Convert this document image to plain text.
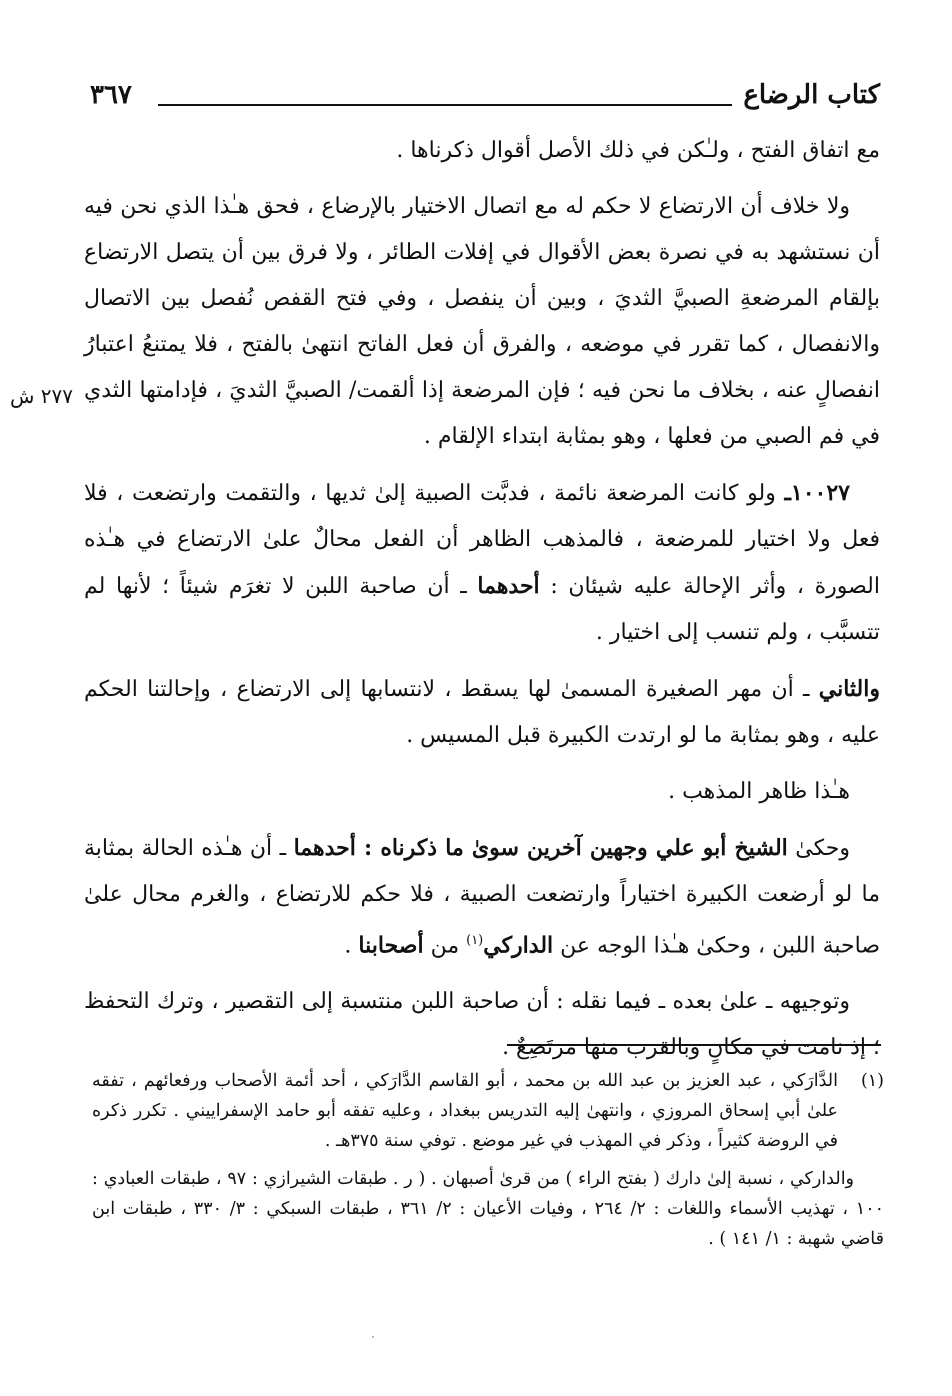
كتاب الرضاع
٣٦٧
٢٧٧ ش

مع اتفاق الفتح ، ولـٰكن في ذلك الأصل أقوال ذكرناها .

ولا خلاف أن الارتضاع لا حكم له مع اتصال الاختيار بالإرضاع ، فحق هـٰذا الذي نحن فيه أن نستشهد به في نصرة بعض الأقوال في إفلات الطائر ، ولا فرق بين أن يتصل الارتضاع بإلقام المرضعةِ الصبيَّ الثديَ ، وبين أن ينفصل ، وفي فتح القفص نُفصل بين الاتصال والانفصال ، كما تقرر في موضعه ، والفرق أن فعل الفاتح انتهىٰ بالفتح ، فلا يمتنعُ اعتبارُ انفصالٍ عنه ، بخلاف ما نحن فيه ؛ فإن المرضعة إذا ألقمت/ الصبيَّ الثديَ ، فإدامتها الثدي في فم الصبي من فعلها ، وهو بمثابة ابتداء الإلقام .

١٠٠٢٧ـ ولو كانت المرضعة نائمة ، فدبَّت الصبية إلىٰ ثديها ، والتقمت وارتضعت ، فلا فعل ولا اختيار للمرضعة ، فالمذهب الظاهر أن الفعل محالٌ علىٰ الارتضاع في هـٰذه الصورة ، وأثر الإحالة عليه شيئان : أحدهما ـ أن صاحبة اللبن لا تغرَم شيئاً ؛ لأنها لم تتسبَّب ، ولم تنسب إلى اختيار .

والثاني ـ أن مهر الصغيرة المسمىٰ لها يسقط ، لانتسابها إلى الارتضاع ، وإحالتنا الحكم عليه ، وهو بمثابة ما لو ارتدت الكبيرة قبل المسيس .

هـٰذا ظاهر المذهب .

وحكىٰ الشيخ أبو علي وجهين آخرين سوىٰ ما ذكرناه : أحدهما ـ أن هـٰذه الحالة بمثابة ما لو أرضعت الكبيرة اختياراً وارتضعت الصبية ، فلا حكم للارتضاع ، والغرم محال علىٰ صاحبة اللبن ، وحكىٰ هـٰذا الوجه عن الداركي$^{(١)}$ من أصحابنا .

وتوجيهه ـ علىٰ بعده ـ فيما نقله : أن صاحبة اللبن منتسبة إلى التقصير ، وترك التحفظ ؛ إذ نامت في مكانٍ وبالقرب منها مرتَضِعٌ .

(١)الدَّارَكي ، عبد العزيز بن عبد الله بن محمد ، أبو القاسم الدَّارَكي ، أحد أئمة الأصحاب ورفعائهم ، تفقه علىٰ أبي إسحاق المروزي ، وانتهىٰ إليه التدريس ببغداد ، وعليه تفقه أبو حامد الإسفراييني . تكرر ذكره في الروضة كثيراً ، وذكر في المهذب في غير موضع . توفي سنة ٣٧٥هـ .

والداركي ، نسبة إلىٰ دارك ( بفتح الراء ) من قرىٰ أصبهان . ( ر . طبقات الشيرازي : ٩٧ ، طبقات العبادي : ١٠٠ ، تهذيب الأسماء واللغات : ٢/ ٢٦٤ ، وفيات الأعيان : ٢/ ٣٦١ ، طبقات السبكي : ٣/ ٣٣٠ ، طبقات ابن قاضي شهبة : ١/ ١٤١ ) .
